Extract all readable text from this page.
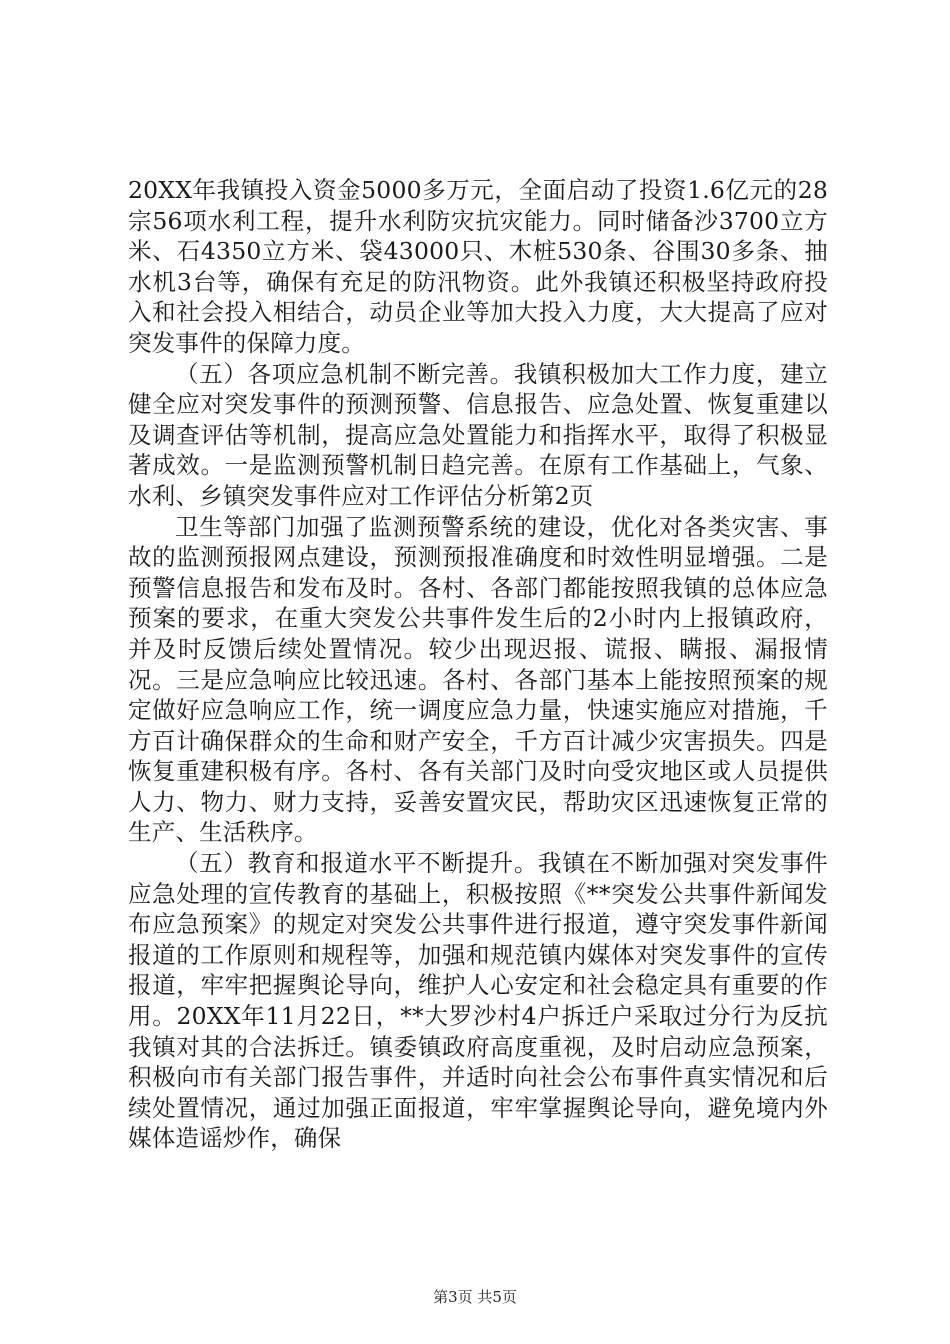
20XX年我镇投入资金5000多万元，全面启动了投资1.6亿元的28宗56项水利工程，提升水利防灾抗灾能力。同时储备沙3700立方米、石4350立方米、袋43000只、木桩530条、谷围30多条、抽水机3台等，确保有充足的防汛物资。此外我镇还积极坚持政府投入和社会投入相结合，动员企业等加大投入力度，大大提高了应对突发事件的保障力度。

（五）各项应急机制不断完善。我镇积极加大工作力度，建立健全应对突发事件的预测预警、信息报告、应急处置、恢复重建以及调查评估等机制，提高应急处置能力和指挥水平，取得了积极显著成效。一是监测预警机制日趋完善。在原有工作基础上，气象、水利、乡镇突发事件应对工作评估分析第2页

卫生等部门加强了监测预警系统的建设，优化对各类灾害、事故的监测预报网点建设，预测预报准确度和时效性明显增强。二是预警信息报告和发布及时。各村、各部门都能按照我镇的总体应急预案的要求，在重大突发公共事件发生后的2小时内上报镇政府，并及时反馈后续处置情况。较少出现迟报、谎报、瞒报、漏报情况。三是应急响应比较迅速。各村、各部门基本上能按照预案的规定做好应急响应工作，统一调度应急力量，快速实施应对措施，千方百计确保群众的生命和财产安全，千方百计减少灾害损失。四是恢复重建积极有序。各村、各有关部门及时向受灾地区或人员提供人力、物力、财力支持，妥善安置灾民，帮助灾区迅速恢复正常的生产、生活秩序。

（五）教育和报道水平不断提升。我镇在不断加强对突发事件应急处理的宣传教育的基础上，积极按照《**突发公共事件新闻发布应急预案》的规定对突发公共事件进行报道，遵守突发事件新闻报道的工作原则和规程等，加强和规范镇内媒体对突发事件的宣传报道，牢牢把握舆论导向，维护人心安定和社会稳定具有重要的作用。20XX年11月22日，**大罗沙村4户拆迁户采取过分行为反抗我镇对其的合法拆迁。镇委镇政府高度重视，及时启动应急预案，积极向市有关部门报告事件，并适时向社会公布事件真实情况和后续处置情况，通过加强正面报道，牢牢掌握舆论导向，避免境内外媒体造谣炒作，确保

第3页 共5页
